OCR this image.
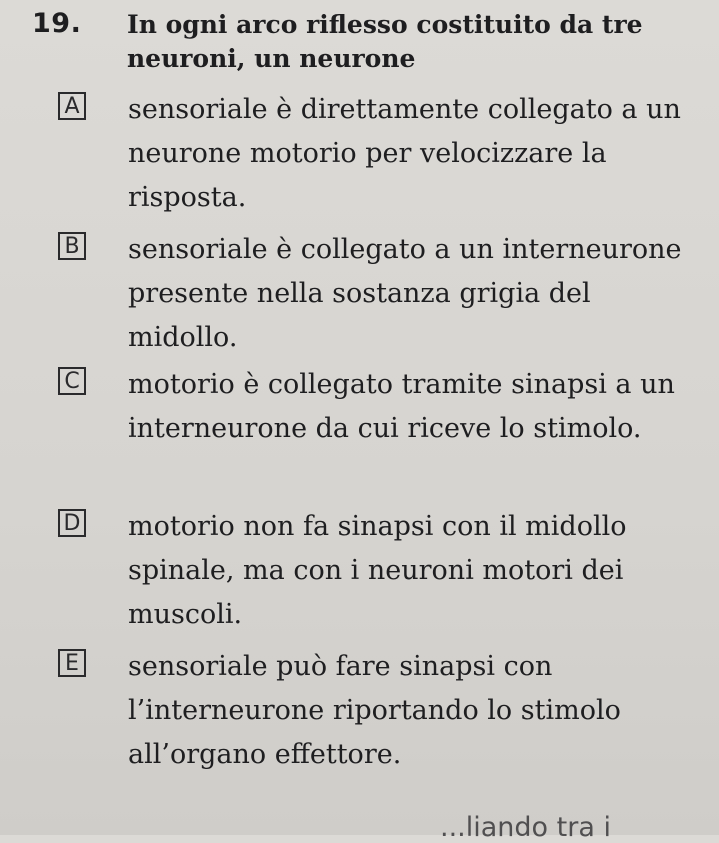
19. In ogni arco riflesso costituito da tre neuroni, un neurone
A sensoriale è direttamente collegato a un neurone motorio per velocizzare la risposta.
B sensoriale è collegato a un interneurone presente nella sostanza grigia del midollo.
C motorio è collegato tramite sinapsi a un interneurone da cui riceve lo stimolo.
D motorio non fa sinapsi con il midollo spinale, ma con i neuroni motori dei muscoli.
E sensoriale può fare sinapsi con l’interneurone riportando lo stimolo all’organo effettore.
...liando tra i
